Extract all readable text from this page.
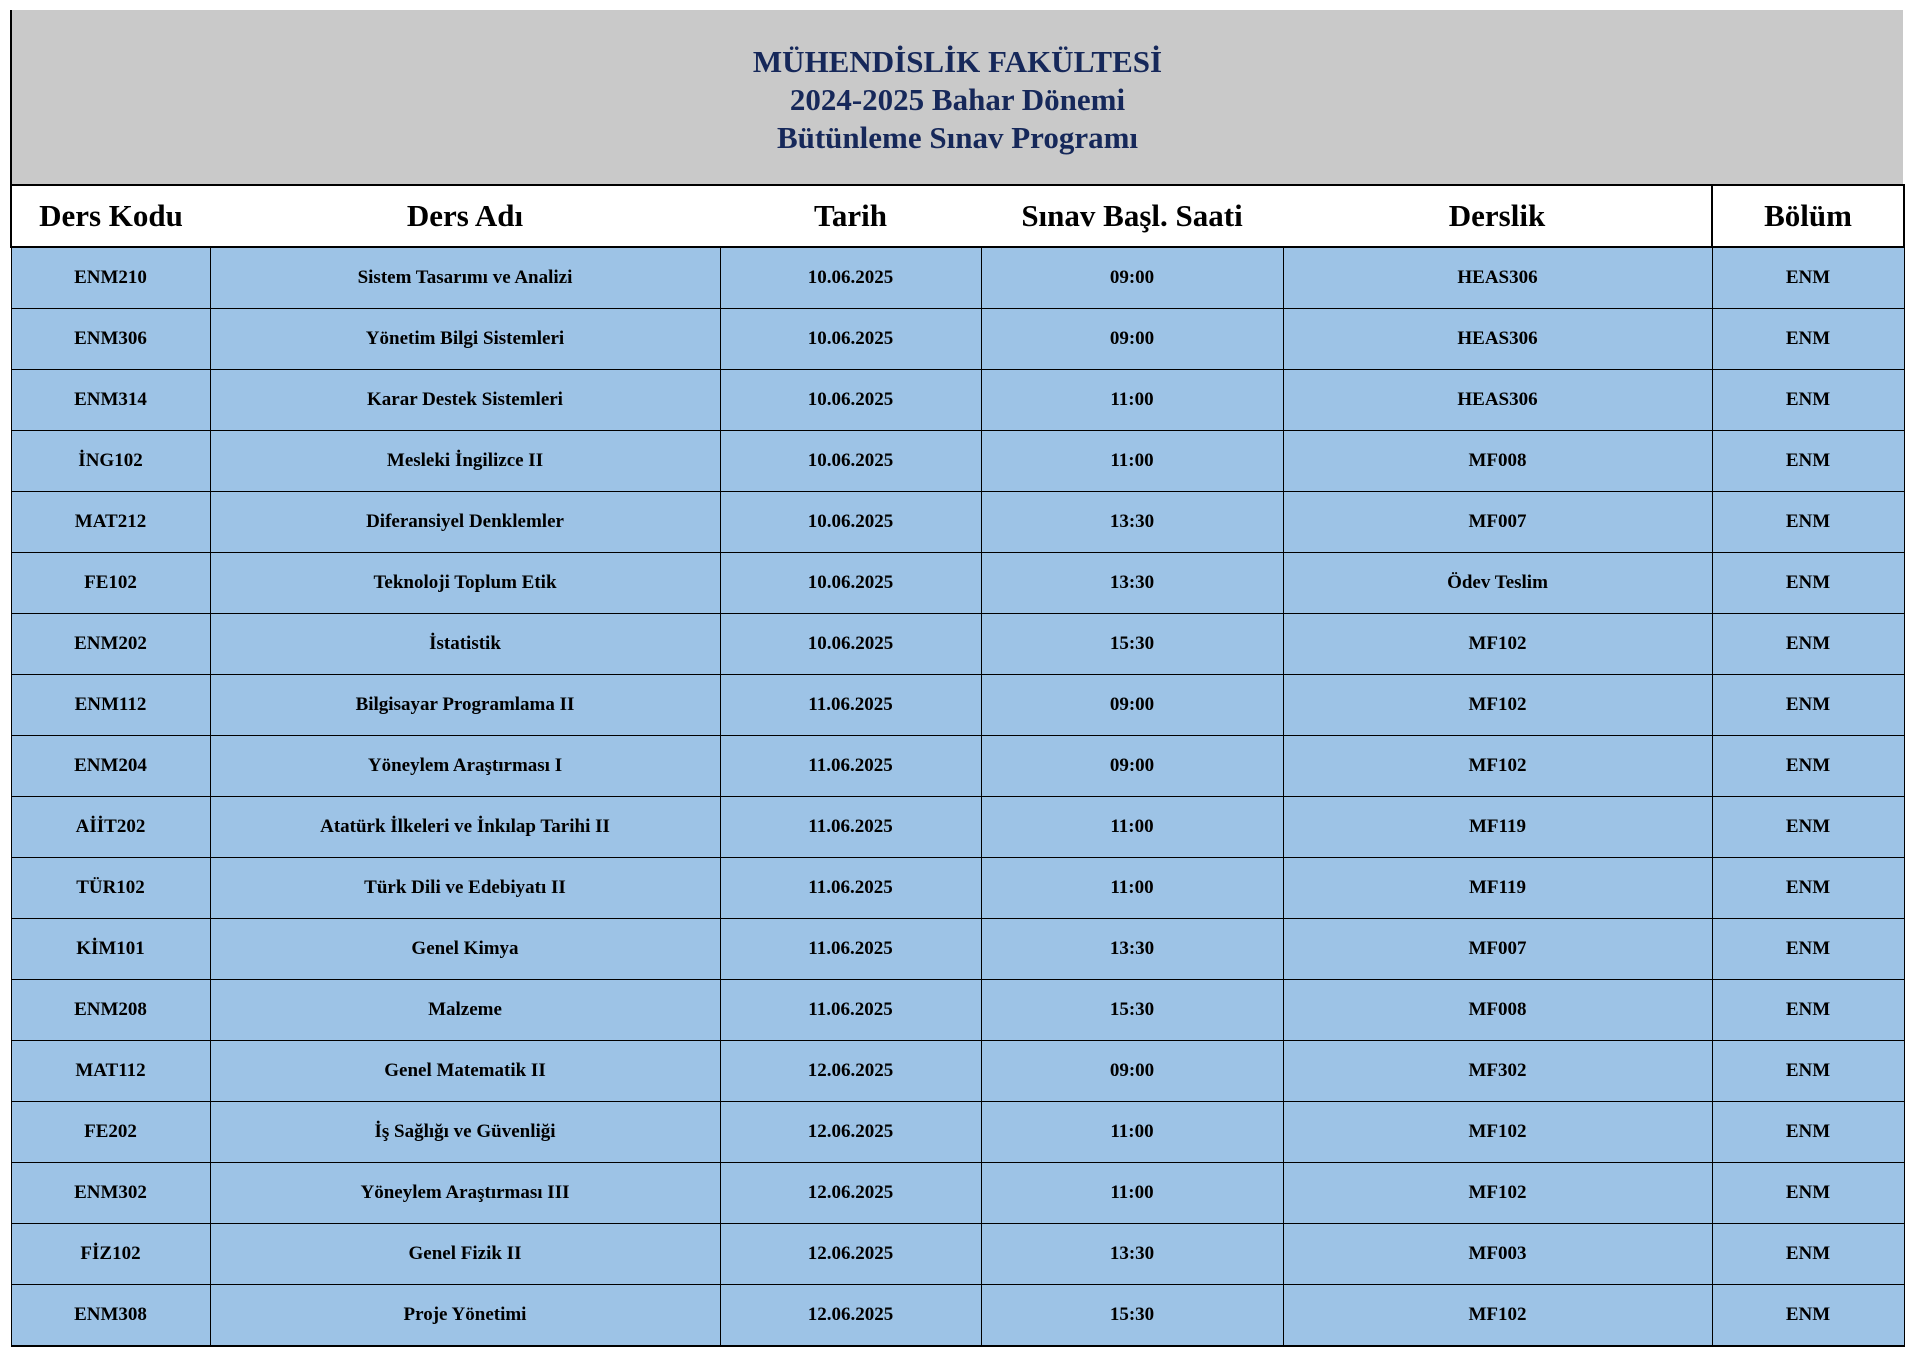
MÜHENDİSLİK FAKÜLTESİ
2024-2025 Bahar Dönemi
Bütünleme Sınav Programı
Ders Kodu	Ders Adı	Tarih	Sınav Başl. Saati	Derslik	Bölüm
ENM210	Sistem Tasarımı ve Analizi	10.06.2025	09:00	HEAS306	ENM
ENM306	Yönetim Bilgi Sistemleri	10.06.2025	09:00	HEAS306	ENM
ENM314	Karar Destek Sistemleri	10.06.2025	11:00	HEAS306	ENM
İNG102	Mesleki İngilizce II	10.06.2025	11:00	MF008	ENM
MAT212	Diferansiyel Denklemler	10.06.2025	13:30	MF007	ENM
FE102	Teknoloji Toplum Etik	10.06.2025	13:30	Ödev Teslim	ENM
ENM202	İstatistik	10.06.2025	15:30	MF102	ENM
ENM112	Bilgisayar Programlama II	11.06.2025	09:00	MF102	ENM
ENM204	Yöneylem Araştırması I	11.06.2025	09:00	MF102	ENM
AİİT202	Atatürk İlkeleri ve İnkılap Tarihi II	11.06.2025	11:00	MF119	ENM
TÜR102	Türk Dili ve Edebiyatı II	11.06.2025	11:00	MF119	ENM
KİM101	Genel Kimya	11.06.2025	13:30	MF007	ENM
ENM208	Malzeme	11.06.2025	15:30	MF008	ENM
MAT112	Genel Matematik II	12.06.2025	09:00	MF302	ENM
FE202	İş Sağlığı ve Güvenliği	12.06.2025	11:00	MF102	ENM
ENM302	Yöneylem Araştırması III	12.06.2025	11:00	MF102	ENM
FİZ102	Genel Fizik II	12.06.2025	13:30	MF003	ENM
ENM308	Proje Yönetimi	12.06.2025	15:30	MF102	ENM
